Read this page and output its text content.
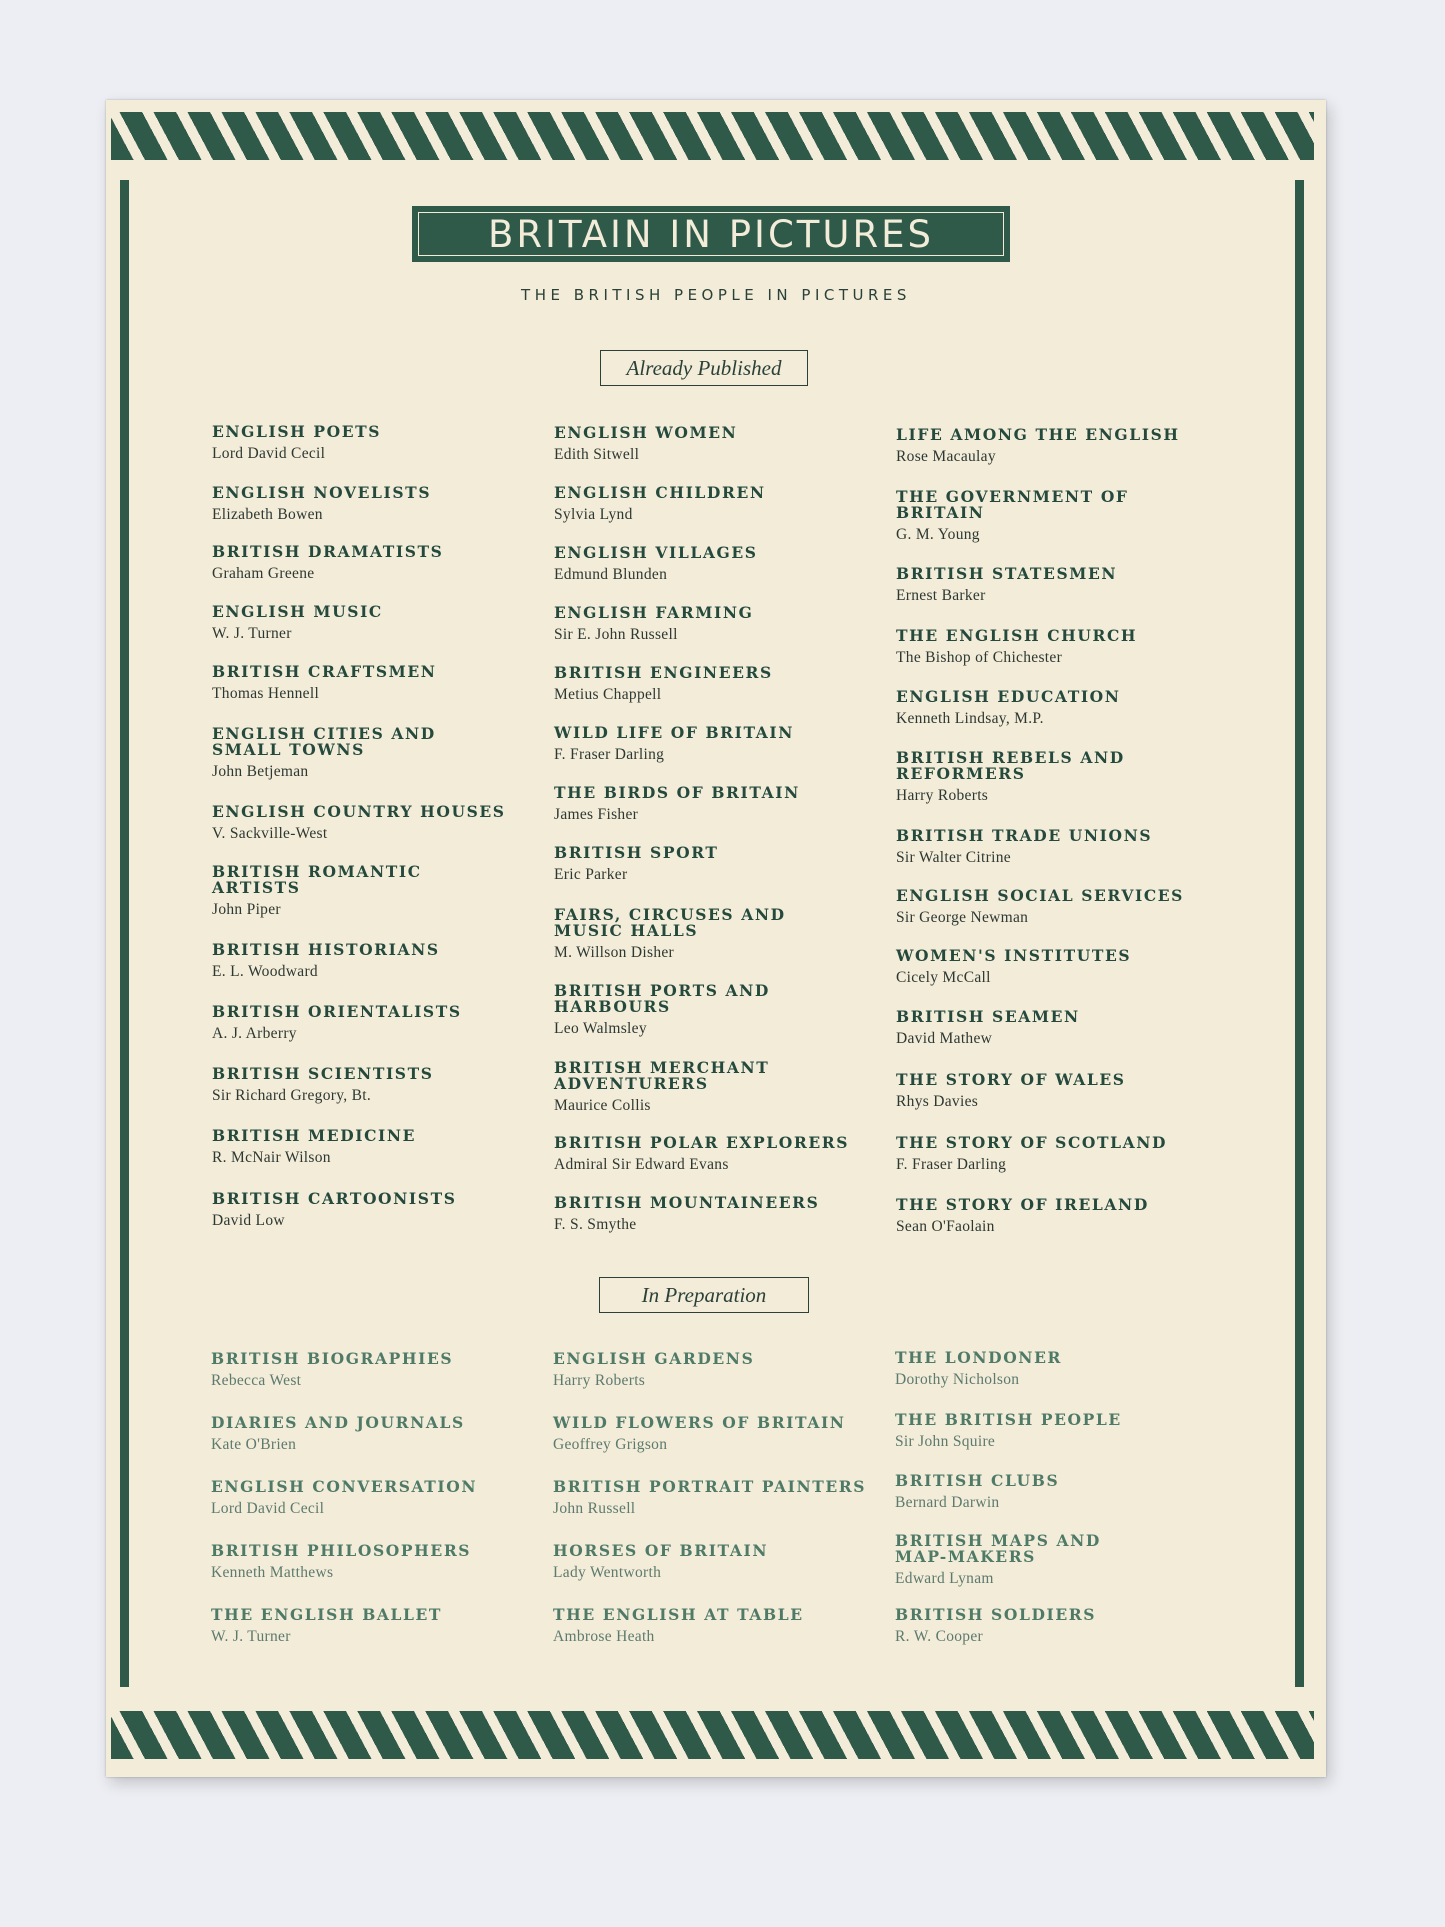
BRITAIN IN PICTURES
THE BRITISH PEOPLE IN PICTURES
Already Published
In Preparation
ENGLISH POETS
Lord David Cecil
ENGLISH NOVELISTS
Elizabeth Bowen
BRITISH DRAMATISTS
Graham Greene
ENGLISH MUSIC
W. J. Turner
BRITISH CRAFTSMEN
Thomas Hennell
ENGLISH CITIES AND SMALL TOWNS
John Betjeman
ENGLISH COUNTRY HOUSES
V. Sackville-West
BRITISH ROMANTIC ARTISTS
John Piper
BRITISH HISTORIANS
E. L. Woodward
BRITISH ORIENTALISTS
A. J. Arberry
BRITISH SCIENTISTS
Sir Richard Gregory, Bt.
BRITISH MEDICINE
R. McNair Wilson
BRITISH CARTOONISTS
David Low
ENGLISH WOMEN
Edith Sitwell
ENGLISH CHILDREN
Sylvia Lynd
ENGLISH VILLAGES
Edmund Blunden
ENGLISH FARMING
Sir E. John Russell
BRITISH ENGINEERS
Metius Chappell
WILD LIFE OF BRITAIN
F. Fraser Darling
THE BIRDS OF BRITAIN
James Fisher
BRITISH SPORT
Eric Parker
FAIRS, CIRCUSES AND MUSIC HALLS
M. Willson Disher
BRITISH PORTS AND HARBOURS
Leo Walmsley
BRITISH MERCHANT ADVENTURERS
Maurice Collis
BRITISH POLAR EXPLORERS
Admiral Sir Edward Evans
BRITISH MOUNTAINEERS
F. S. Smythe
LIFE AMONG THE ENGLISH
Rose Macaulay
THE GOVERNMENT OF BRITAIN
G. M. Young
BRITISH STATESMEN
Ernest Barker
THE ENGLISH CHURCH
The Bishop of Chichester
ENGLISH EDUCATION
Kenneth Lindsay, M.P.
BRITISH REBELS AND REFORMERS
Harry Roberts
BRITISH TRADE UNIONS
Sir Walter Citrine
ENGLISH SOCIAL SERVICES
Sir George Newman
WOMEN'S INSTITUTES
Cicely McCall
BRITISH SEAMEN
David Mathew
THE STORY OF WALES
Rhys Davies
THE STORY OF SCOTLAND
F. Fraser Darling
THE STORY OF IRELAND
Sean O'Faolain
BRITISH BIOGRAPHIES
Rebecca West
DIARIES AND JOURNALS
Kate O'Brien
ENGLISH CONVERSATION
Lord David Cecil
BRITISH PHILOSOPHERS
Kenneth Matthews
THE ENGLISH BALLET
W. J. Turner
ENGLISH GARDENS
Harry Roberts
WILD FLOWERS OF BRITAIN
Geoffrey Grigson
BRITISH PORTRAIT PAINTERS
John Russell
HORSES OF BRITAIN
Lady Wentworth
THE ENGLISH AT TABLE
Ambrose Heath
THE LONDONER
Dorothy Nicholson
THE BRITISH PEOPLE
Sir John Squire
BRITISH CLUBS
Bernard Darwin
BRITISH MAPS AND MAP-MAKERS
Edward Lynam
BRITISH SOLDIERS
R. W. Cooper
